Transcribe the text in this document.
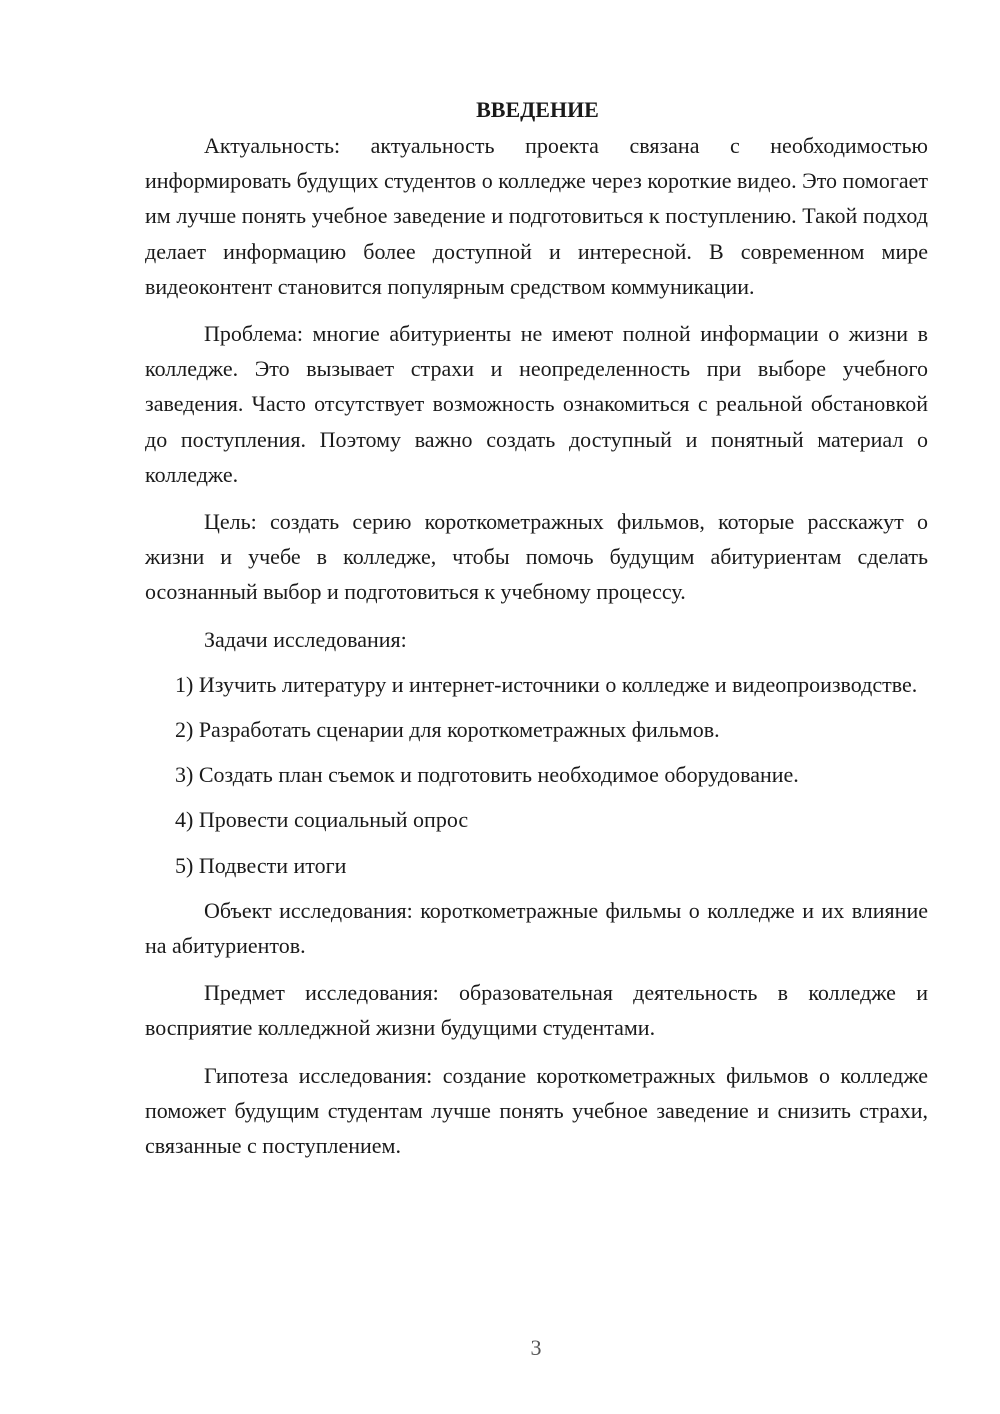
ВВЕДЕНИЕ

Актуальность: актуальность проекта связана с необходимостью информировать будущих студентов о колледже через короткие видео. Это помогает им лучше понять учебное заведение и подготовиться к поступлению. Такой подход делает информацию более доступной и интересной. В современном мире видеоконтент становится популярным средством коммуникации.

Проблема: многие абитуриенты не имеют полной информации о жизни в колледже. Это вызывает страхи и неопределенность при выборе учебного заведения. Часто отсутствует возможность ознакомиться с реальной обстановкой до поступления. Поэтому важно создать доступный и понятный материал о колледже.

Цель: создать серию короткометражных фильмов, которые расскажут о жизни и учебе в колледже, чтобы помочь будущим абитуриентам сделать осознанный выбор и подготовиться к учебному процессу.

Задачи исследования:

1) Изучить литературу и интернет-источники о колледже и видеопроизводстве.

2) Разработать сценарии для короткометражных фильмов.

3) Создать план съемок и подготовить необходимое оборудование.

4) Провести социальный опрос

5) Подвести итоги

Объект исследования: короткометражные фильмы о колледже и их влияние на абитуриентов.

Предмет исследования: образовательная деятельность в колледже и восприятие колледжной жизни будущими студентами.

Гипотеза исследования: создание короткометражных фильмов о колледже поможет будущим студентам лучше понять учебное заведение и снизить страхи, связанные с поступлением.

3
